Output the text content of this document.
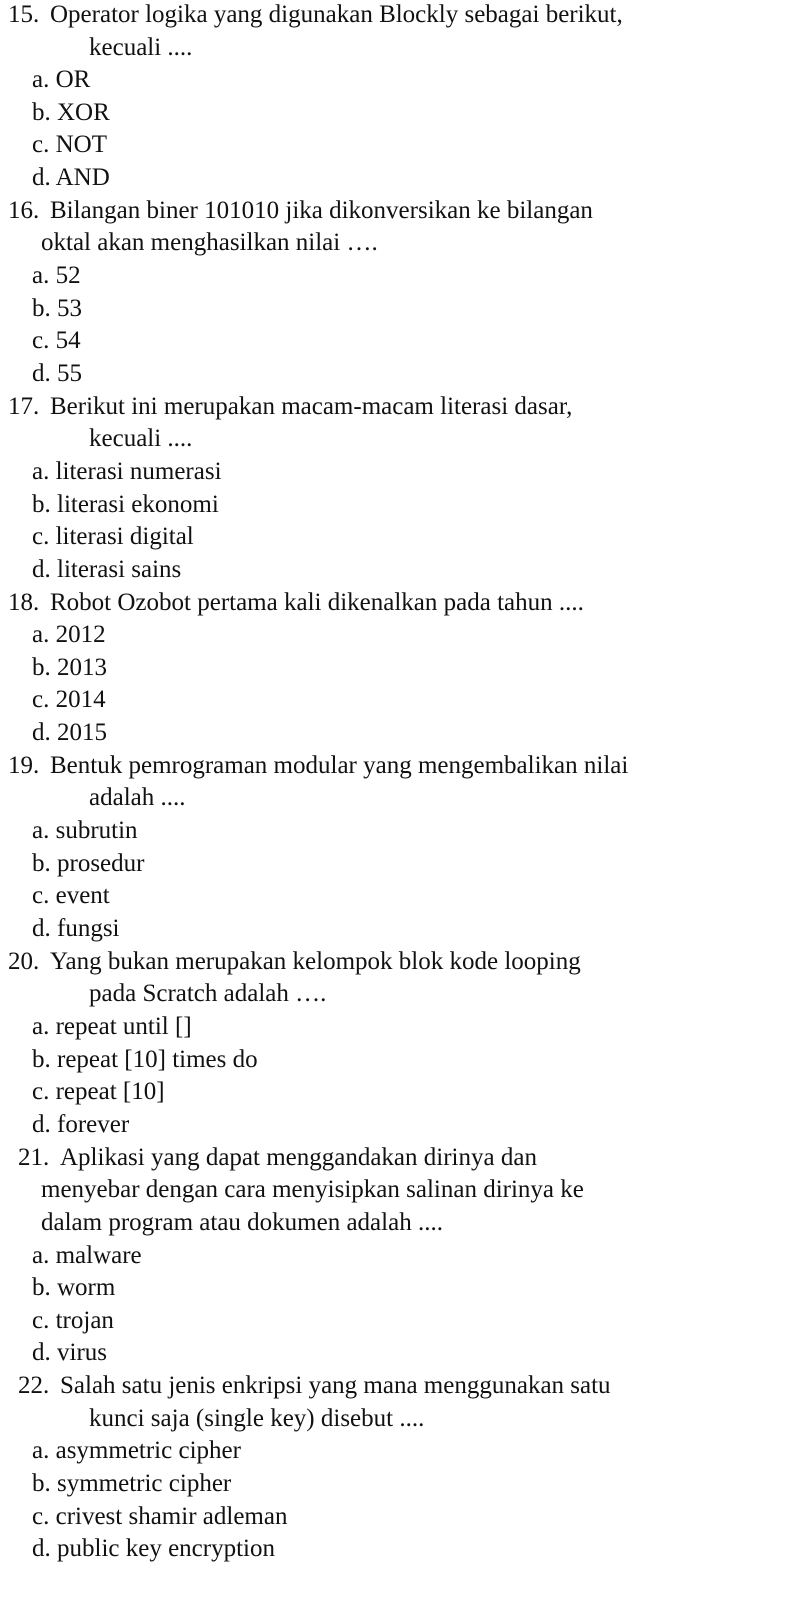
15. Operator logika yang digunakan Blockly sebagai berikut,
kecuali ....
a. OR
b. XOR
c. NOT
d. AND
16. Bilangan biner 101010 jika dikonversikan ke bilangan
oktal akan menghasilkan nilai ….
a. 52
b. 53
c. 54
d. 55
17. Berikut ini merupakan macam-macam literasi dasar,
kecuali ....
a. literasi numerasi
b. literasi ekonomi
c. literasi digital
d. literasi sains
18. Robot Ozobot pertama kali dikenalkan pada tahun ....
a. 2012
b. 2013
c. 2014
d. 2015
19. Bentuk pemrograman modular yang mengembalikan nilai
adalah ....
a. subrutin
b. prosedur
c. event
d. fungsi
20. Yang bukan merupakan kelompok blok kode looping
pada Scratch adalah ….
a. repeat until []
b. repeat [10] times do
c. repeat [10]
d. forever
21. Aplikasi yang dapat menggandakan dirinya dan
menyebar dengan cara menyisipkan salinan dirinya ke
dalam program atau dokumen adalah ....
a. malware
b. worm
c. trojan
d. virus
22. Salah satu jenis enkripsi yang mana menggunakan satu
kunci saja (single key) disebut ....
a. asymmetric cipher
b. symmetric cipher
c. crivest shamir adleman
d. public key encryption
